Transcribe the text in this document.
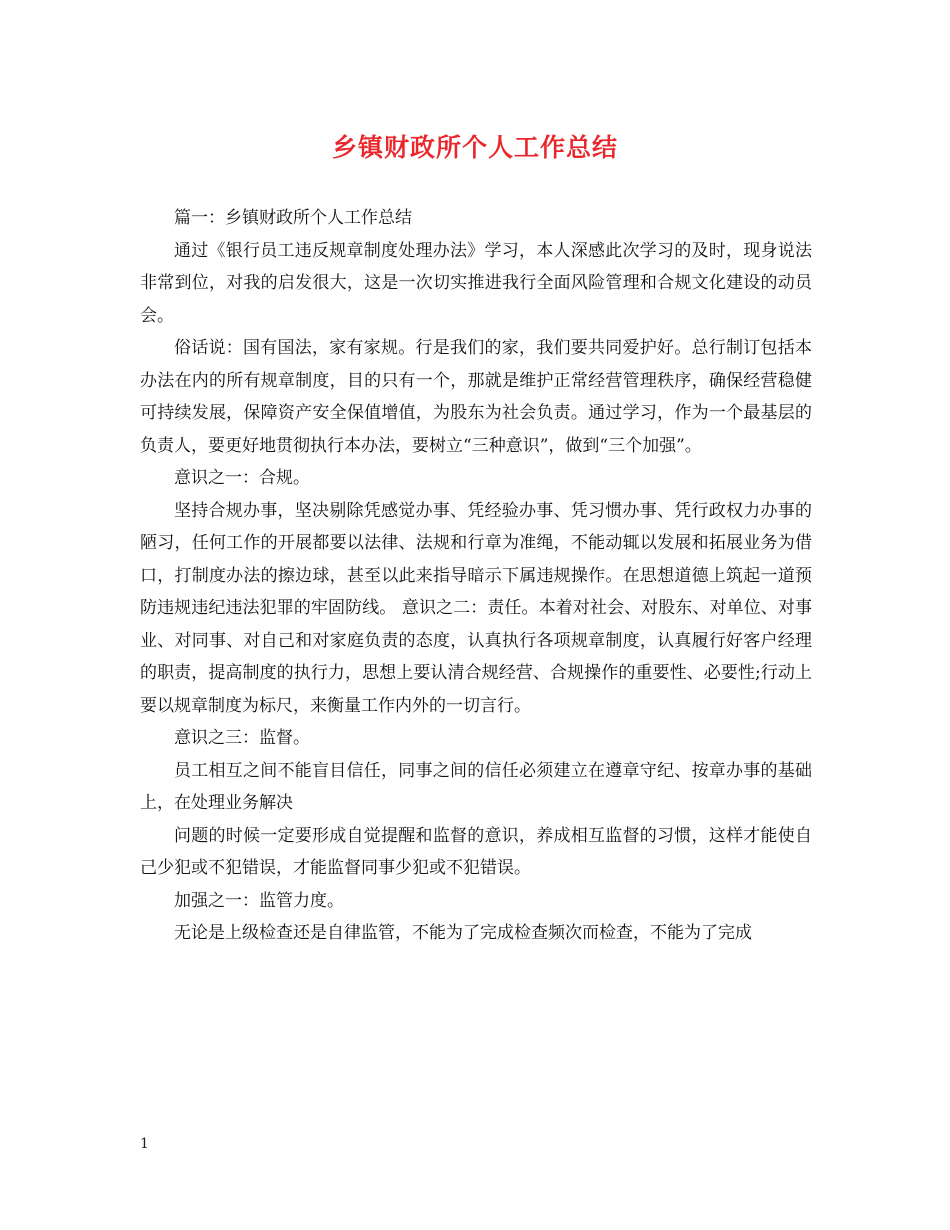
乡镇财政所个人工作总结

篇一：乡镇财政所个人工作总结

通过《银行员工违反规章制度处理办法》学习，本人深感此次学习的及时，现身说法非常到位，对我的启发很大，这是一次切实推进我行全面风险管理和合规文化建设的动员会。

俗话说：国有国法，家有家规。行是我们的家，我们要共同爱护好。总行制订包括本办法在内的所有规章制度，目的只有一个，那就是维护正常经营管理秩序，确保经营稳健可持续发展，保障资产安全保值增值，为股东为社会负责。通过学习，作为一个最基层的负责人，要更好地贯彻执行本办法，要树立“三种意识”，做到“三个加强”。

意识之一：合规。

坚持合规办事，坚决剔除凭感觉办事、凭经验办事、凭习惯办事、凭行政权力办事的陋习，任何工作的开展都要以法律、法规和行章为准绳，不能动辄以发展和拓展业务为借口，打制度办法的擦边球，甚至以此来指导暗示下属违规操作。在思想道德上筑起一道预防违规违纪违法犯罪的牢固防线。 意识之二：责任。本着对社会、对股东、对单位、对事业、对同事、对自己和对家庭负责的态度，认真执行各项规章制度，认真履行好客户经理的职责，提高制度的执行力，思想上要认清合规经营、合规操作的重要性、必要性;行动上要以规章制度为标尺，来衡量工作内外的一切言行。

意识之三：监督。

员工相互之间不能盲目信任，同事之间的信任必须建立在遵章守纪、按章办事的基础上，在处理业务解决

问题的时候一定要形成自觉提醒和监督的意识，养成相互监督的习惯，这样才能使自己少犯或不犯错误，才能监督同事少犯或不犯错误。

加强之一：监管力度。

无论是上级检查还是自律监管，不能为了完成检查频次而检查，不能为了完成

1
